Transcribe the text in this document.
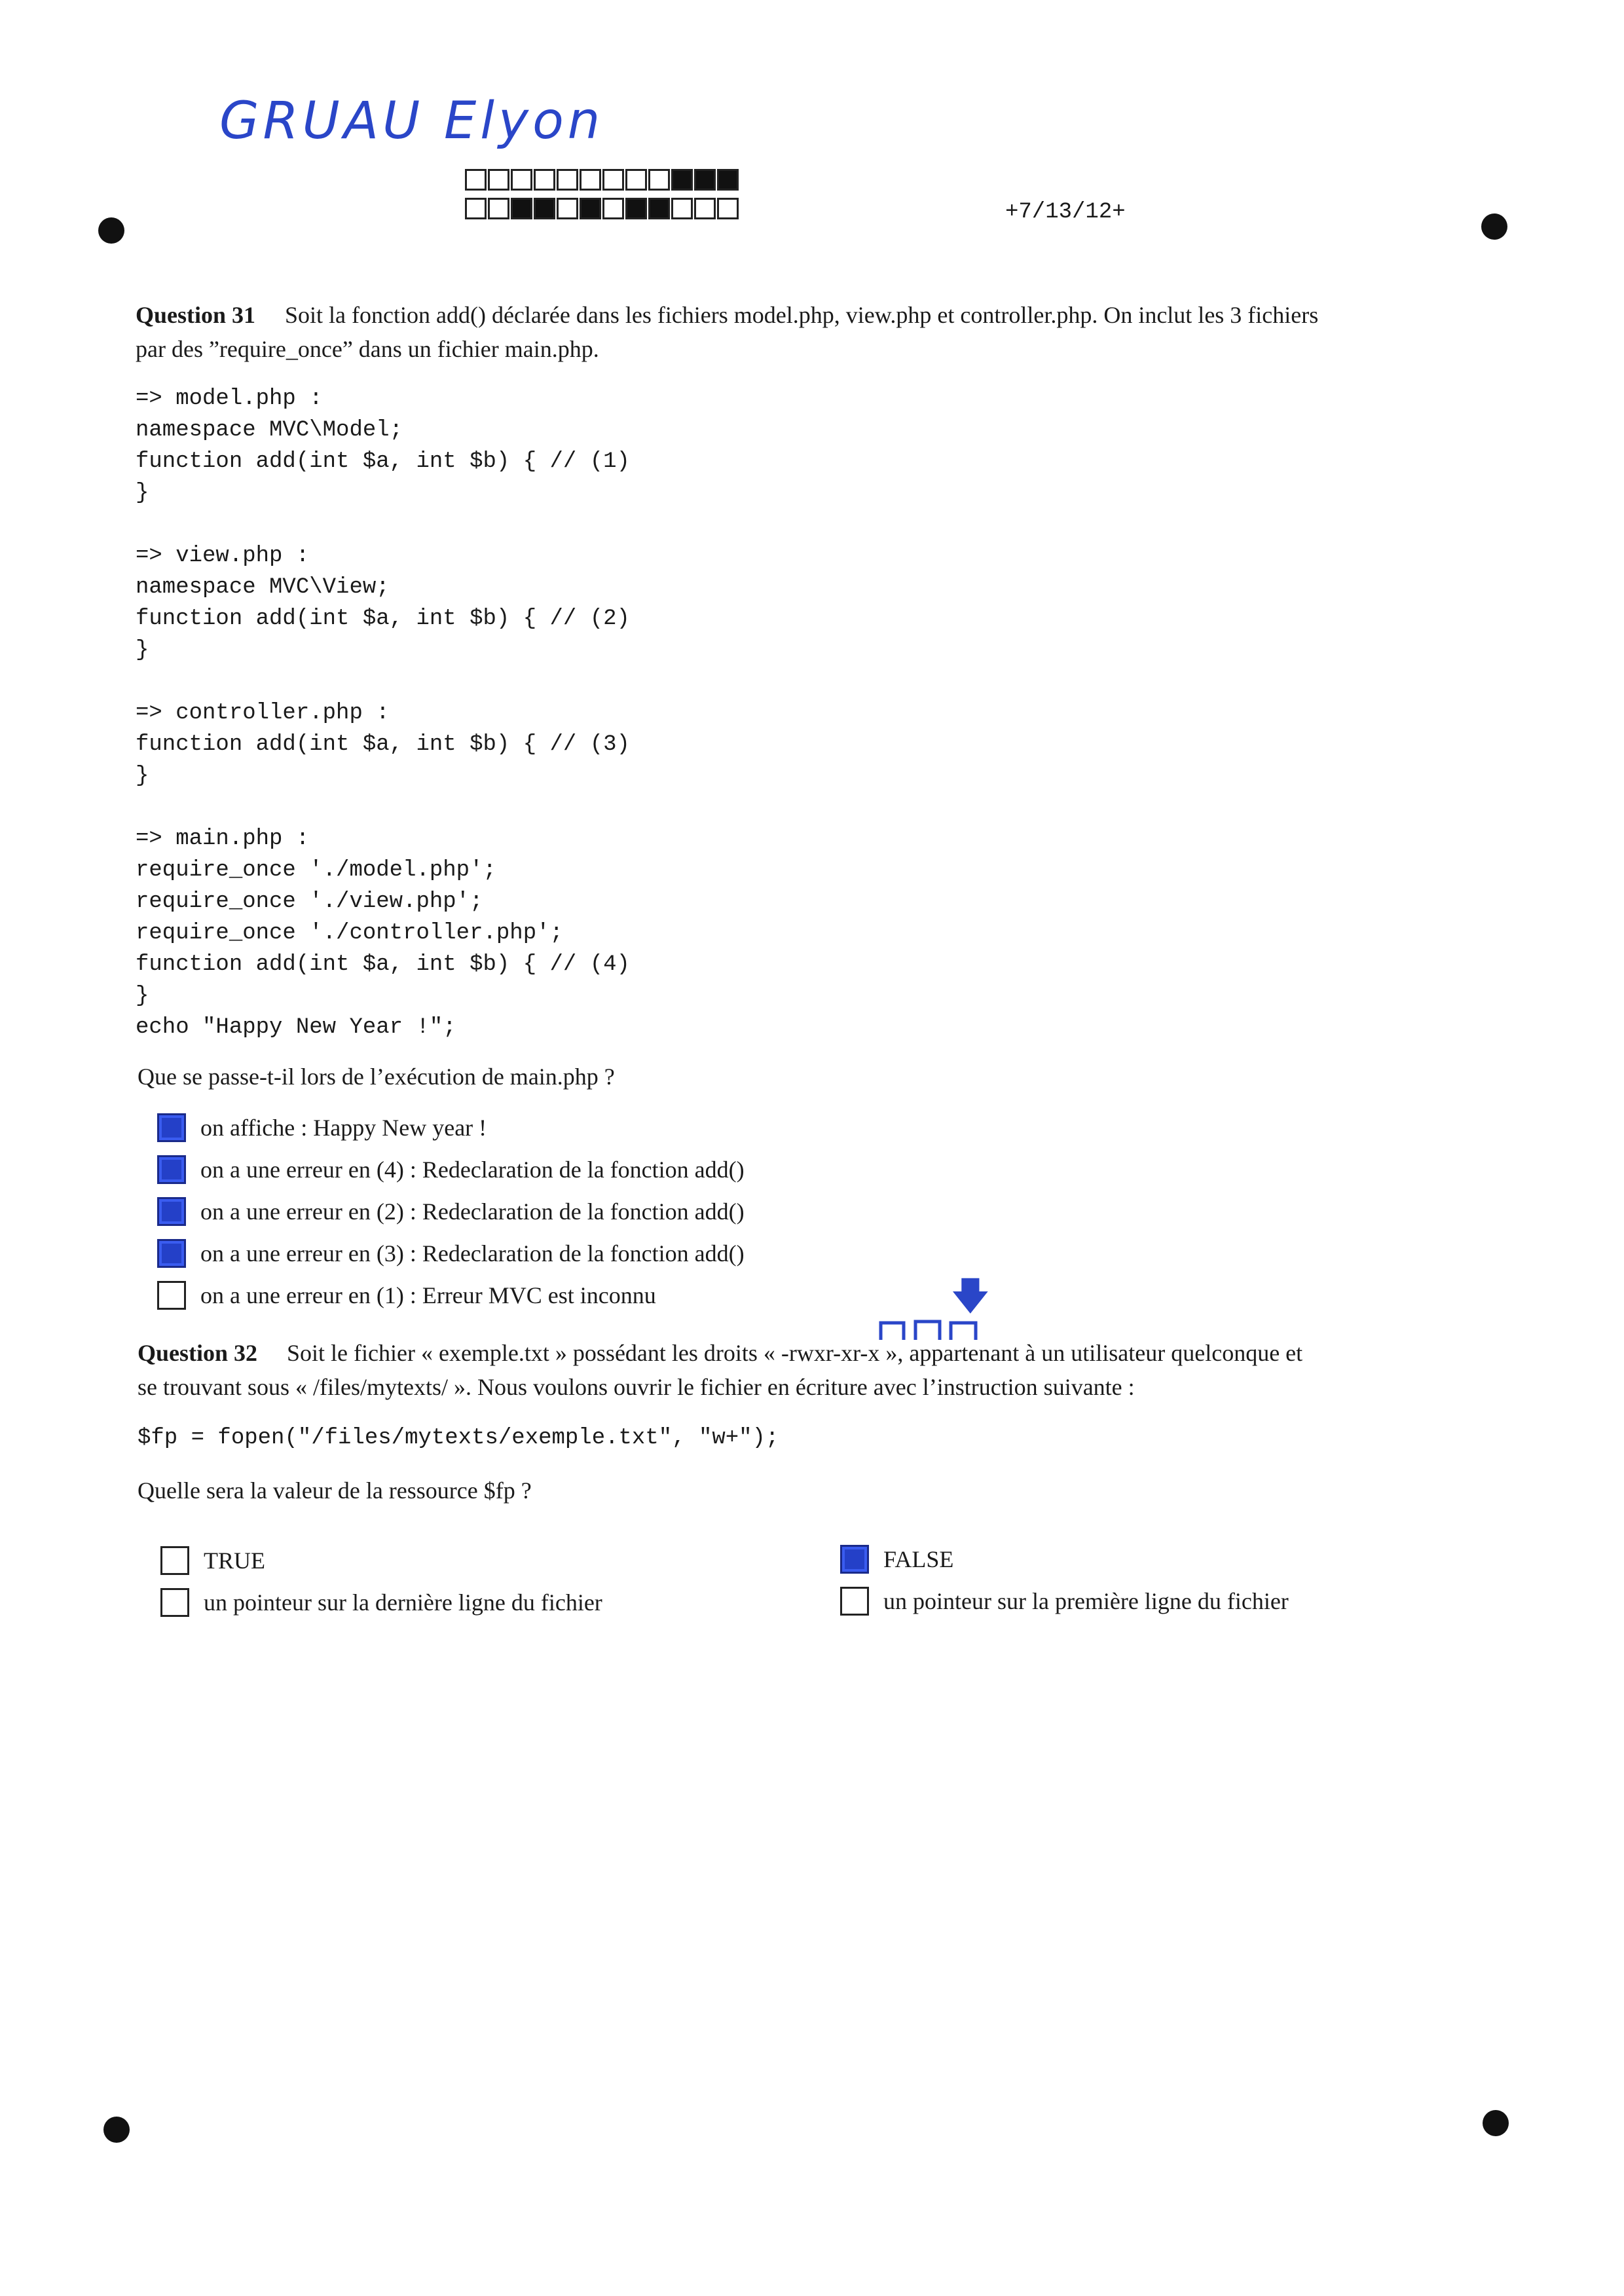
GRUAU Elyon
+7/13/12+
Question 31 Soit la fonction add() déclarée dans les fichiers model.php, view.php et controller.php. On inclut les 3 fichiers
par des ”require_once” dans un fichier main.php.
=> model.php :
namespace MVC\Model;
function add(int $a, int $b) { // (1)
}

=> view.php :
namespace MVC\View;
function add(int $a, int $b) { // (2)
}

=> controller.php :
function add(int $a, int $b) { // (3)
}

=> main.php :
require_once './model.php';
require_once './view.php';
require_once './controller.php';
function add(int $a, int $b) { // (4)
}
echo "Happy New Year !";
Que se passe-t-il lors de l’exécution de main.php ?
on affiche : Happy New year !
on a une erreur en (4) : Redeclaration de la fonction add()
on a une erreur en (2) : Redeclaration de la fonction add()
on a une erreur en (3) : Redeclaration de la fonction add()
on a une erreur en (1) : Erreur MVC est inconnu	🡇
Question 32 Soit le fichier « exemple.txt » possédant les droits « -rwxr-xr-x », appartenant à un utilisateur quelconque et
se trouvant sous « /files/mytexts/ ». Nous voulons ouvrir le fichier en écriture avec l’instruction suivante :
$fp = fopen("/files/mytexts/exemple.txt", "w+");
Quelle sera la valeur de la ressource $fp ?
TRUE	FALSE
un pointeur sur la dernière ligne du fichier	un pointeur sur la première ligne du fichier
